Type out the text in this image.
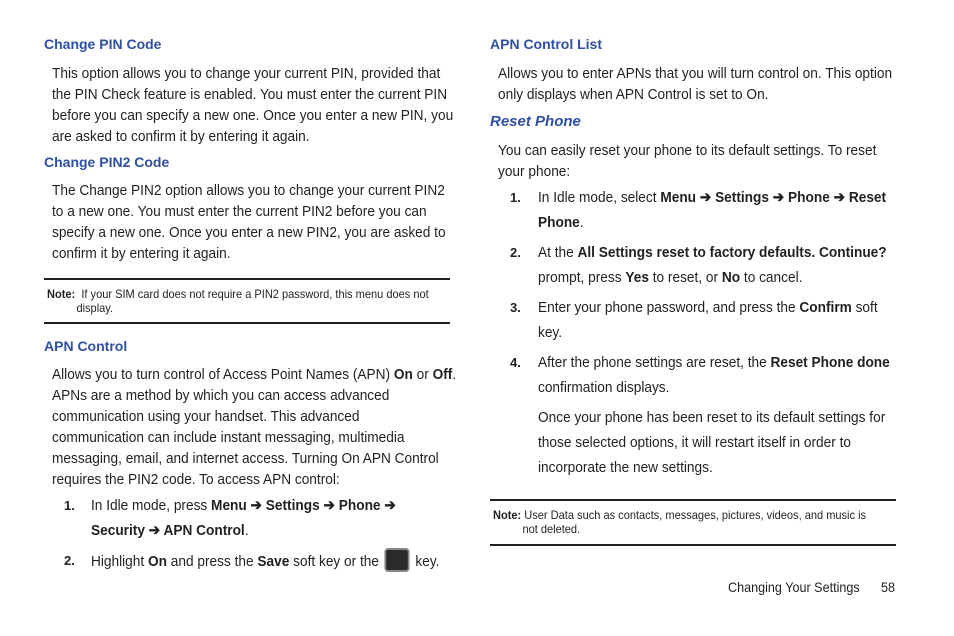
Change PIN Code
This option allows you to change your current PIN, provided that
the PIN Check feature is enabled. You must enter the current PIN
before you can specify a new one. Once you enter a new PIN, you
are asked to confirm it by entering it again.
Change PIN2 Code
The Change PIN2 option allows you to change your current PIN2
to a new one. You must enter the current PIN2 before you can
specify a new one. Once you enter a new PIN2, you are asked to
confirm it by entering it again.
Note: If your SIM card does not require a PIN2 password, this menu does not
display.
APN Control
Allows you to turn control of Access Point Names (APN) On or Off.
APNs are a method by which you can access advanced
communication using your handset. This advanced
communication can include instant messaging, multimedia
messaging, email, and internet access. Turning On APN Control
requires the PIN2 code. To access APN control:
1. In Idle mode, press Menu ➔ Settings ➔ Phone ➔
Security ➔ APN Control.
2. Highlight On and press the Save soft key or the  key.
APN Control List
Allows you to enter APNs that you will turn control on. This option
only displays when APN Control is set to On.
Reset Phone
You can easily reset your phone to its default settings. To reset
your phone:
1. In Idle mode, select Menu ➔ Settings ➔ Phone ➔ Reset
Phone.
2. At the All Settings reset to factory defaults. Continue?
prompt, press Yes to reset, or No to cancel.
3. Enter your phone password, and press the Confirm soft
key.
4. After the phone settings are reset, the Reset Phone done
confirmation displays.
Once your phone has been reset to its default settings for
those selected options, it will restart itself in order to
incorporate the new settings.
Note: User Data such as contacts, messages, pictures, videos, and music is
not deleted.
Changing Your Settings 58
